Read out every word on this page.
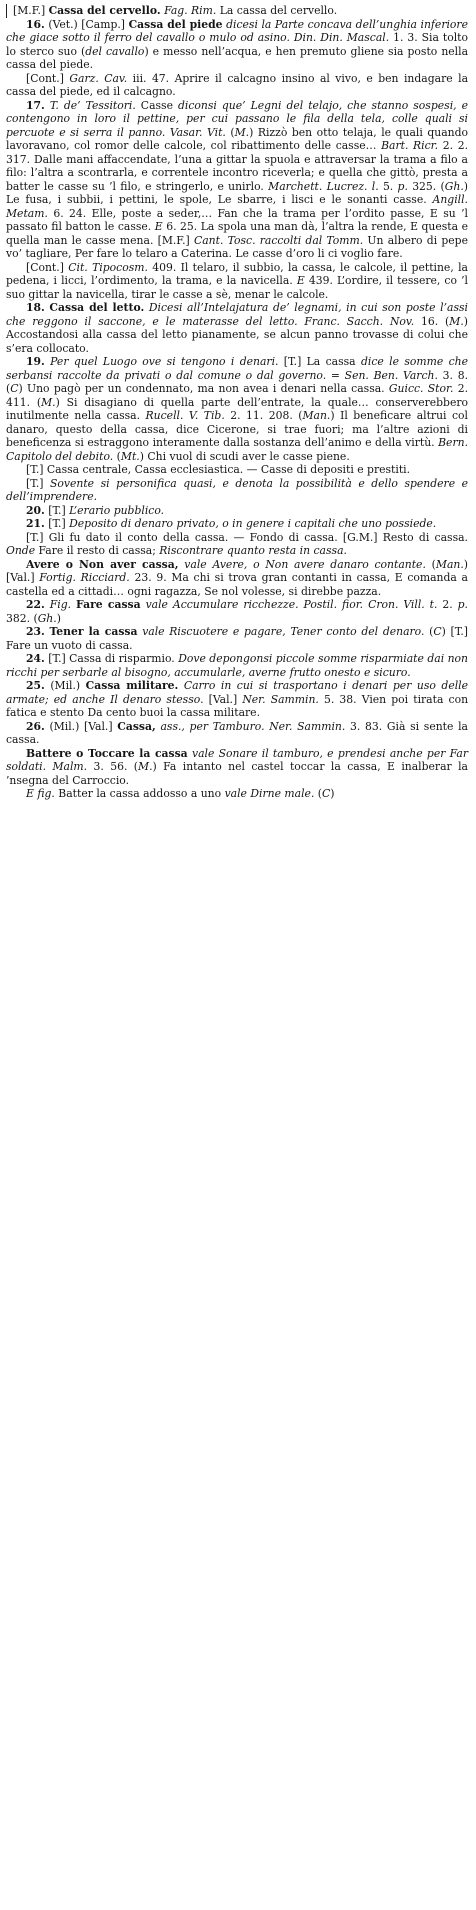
[M.F.] Cassa del cervello. Fag. Rim. La cassa del cervello.

16. (Vet.) [Camp.] Cassa del piede dicesi la Parte concava dell’unghia inferiore che giace sotto il ferro del cavallo o mulo od asino. Din. Din. Mascal. 1. 3. Sia tolto lo sterco suo (del cavallo) e messo nell’acqua, e hen premuto gliene sia posto nella cassa del piede.

[Cont.] Garz. Cav. iii. 47. Aprire il calcagno insino al vivo, e ben indagare la cassa del piede, ed il calcagno.

17. T. de’ Tessitori. Casse diconsi que’ Legni del telajo, che stanno sospesi, e contengono in loro il pettine, per cui passano le fila della tela, colle quali si percuote e si serra il panno. Vasar. Vit. (M.) Rizzò ben otto telaja, le quali quando lavoravano, col romor delle calcole, col ribattimento delle casse… Bart. Ricr. 2. 2. 317. Dalle mani affaccendate, l’una a gittar la spuola e attraversar la trama a filo a filo: l’altra a scontrarla, e correntele incontro riceverla; e quella che gittò, presta a batter le casse su ’l filo, e stringerlo, e unirlo. Marchett. Lucrez. l. 5. p. 325. (Gh.) Le fusa, i subbii, i pettini, le spole, Le sbarre, i lisci e le sonanti casse. Angill. Metam. 6. 24. Elle, poste a seder,… Fan che la trama per l’ordito passe, E su ’l passato fil batton le casse. E 6. 25. La spola una man dà, l’altra la rende, E questa e quella man le casse mena. [M.F.] Cant. Tosc. raccolti dal Tomm. Un albero di pepe vo’ tagliare, Per fare lo telaro a Caterina. Le casse d’oro li ci voglio fare.

[Cont.] Cit. Tipocosm. 409. Il telaro, il subbio, la cassa, le calcole, il pettine, la pedena, i licci, l’ordimento, la trama, e la navicella. E 439. L’ordire, il tessere, co ’l suo gittar la navicella, tirar le casse a sè, menar le calcole.

18. Cassa del letto. Dicesi all’Intelajatura de’ legnami, in cui son poste l’assi che reggono il saccone, e le materasse del letto. Franc. Sacch. Nov. 16. (M.) Accostandosi alla cassa del letto pianamente, se alcun panno trovasse di colui che s’era collocato.

19. Per quel Luogo ove si tengono i denari. [T.] La cassa dice le somme che serbansi raccolte da privati o dal comune o dal governo. = Sen. Ben. Varch. 3. 8. (C) Uno pagò per un condennato, ma non avea i denari nella cassa. Guicc. Stor. 2. 411. (M.) Si disagiano di quella parte dell’entrate, la quale… conserverebbero inutilmente nella cassa. Rucell. V. Tib. 2. 11. 208. (Man.) Il beneficare altrui col danaro, questo della cassa, dice Cicerone, si trae fuori; ma l’altre azioni di beneficenza si estraggono interamente dalla sostanza dell’animo e della virtù. Bern. Capitolo del debito. (Mt.) Chi vuol di scudi aver le casse piene.

[T.] Cassa centrale, Cassa ecclesiastica. — Casse di depositi e prestiti.

[T.] Sovente si personifica quasi, e denota la possibilità e dello spendere e dell’imprendere.

20. [T.] L’erario pubblico.

21. [T.] Deposito di denaro privato, o in genere i capitali che uno possiede.

[T.] Gli fu dato il conto della cassa. — Fondo di cassa. [G.M.] Resto di cassa. Onde Fare il resto di cassa; Riscontrare quanto resta in cassa.

Avere o Non aver cassa, vale Avere, o Non avere danaro contante. (Man.) [Val.] Fortig. Ricciard. 23. 9. Ma chi si trova gran contanti in cassa, E comanda a castella ed a cittadi… ogni ragazza, Se nol volesse, si direbbe pazza.

22. Fig. Fare cassa vale Accumulare ricchezze. Postil. fior. Cron. Vill. t. 2. p. 382. (Gh.)

23. Tener la cassa vale Riscuotere e pagare, Tener conto del denaro. (C) [T.] Fare un vuoto di cassa.

24. [T.] Cassa di risparmio. Dove depongonsi piccole somme risparmiate dai non ricchi per serbarle al bisogno, accumularle, averne frutto onesto e sicuro.

25. (Mil.) Cassa militare. Carro in cui si trasportano i denari per uso delle armate; ed anche Il denaro stesso. [Val.] Ner. Sammin. 5. 38. Vien poi tirata con fatica e stento Da cento buoi la cassa militare.

26. (Mil.) [Val.] Cassa, ass., per Tamburo. Ner. Sammin. 3. 83. Già si sente la cassa.

Battere o Toccare la cassa vale Sonare il tamburo, e prendesi anche per Far soldati. Malm. 3. 56. (M.) Fa intanto nel castel toccar la cassa, E inalberar la ’nsegna del Carroccio.

E fig. Batter la cassa addosso a uno vale Dirne male. (C)
